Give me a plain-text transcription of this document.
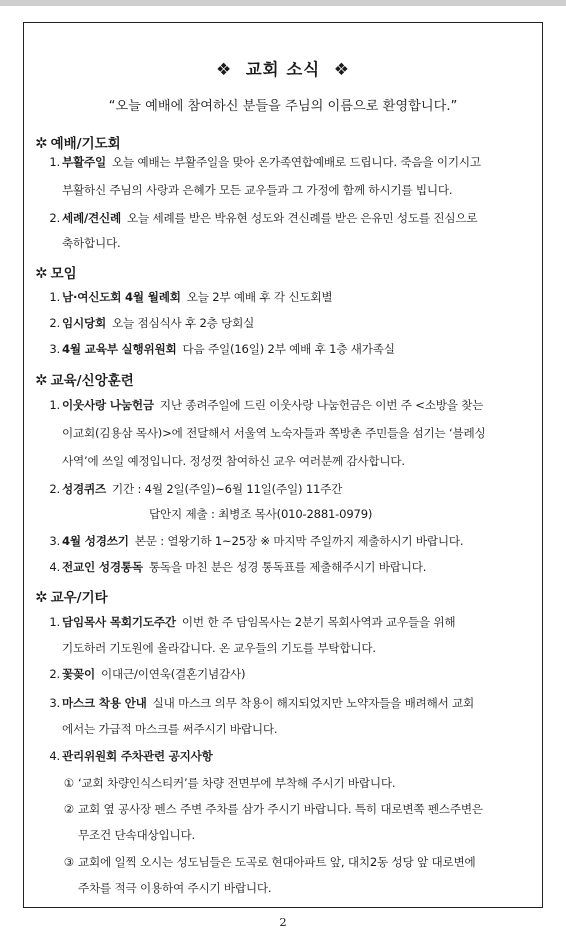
❖ 교회 소식 ❖
“오늘 예배에 참여하신 분들을 주님의 이름으로 환영합니다.”
✲ 예배/기도회
1. 부활주일 오늘 예배는 부활주일을 맞아 온가족연합예배로 드립니다. 죽음을 이기시고
부활하신 주님의 사랑과 은혜가 모든 교우들과 그 가정에 함께 하시기를 빕니다.
2. 세례/견신례 오늘 세례를 받은 박유현 성도와 견신례를 받은 은유민 성도를 진심으로
축하합니다.
✲ 모임
1. 남·여신도회 4월 월례회 오늘 2부 예배 후 각 신도회별
2. 임시당회 오늘 점심식사 후 2층 당회실
3. 4월 교육부 실행위원회 다음 주일(16일) 2부 예배 후 1층 새가족실
✲ 교육/신앙훈련
1. 이웃사랑 나눔헌금 지난 종려주일에 드린 이웃사랑 나눔헌금은 이번 주 <소방을 찾는
이교회(김용삼 목사)>에 전달해서 서울역 노숙자들과 쪽방촌 주민들을 섬기는 ‘블레싱
사역’에 쓰일 예정입니다. 정성껏 참여하신 교우 여러분께 감사합니다.
2. 성경퀴즈 기간 : 4월 2일(주일)~6월 11일(주일) 11주간
답안지 제출 : 최병조 목사(010-2881-0979)
3. 4월 성경쓰기 본문 : 열왕기하 1~25장 ※ 마지막 주일까지 제출하시기 바랍니다.
4. 전교인 성경통독 통독을 마친 분은 성경 통독표를 제출해주시기 바랍니다.
✲ 교우/기타
1. 담임목사 목회기도주간 이번 한 주 담임목사는 2분기 목회사역과 교우들을 위해
기도하러 기도원에 올라갑니다. 온 교우들의 기도를 부탁합니다.
2. 꽃꽂이 이대근/이연욱(결혼기념감사)
3. 마스크 착용 안내 실내 마스크 의무 착용이 해지되었지만 노약자들을 배려해서 교회
에서는 가급적 마스크를 써주시기 바랍니다.
4. 관리위원회 주차관련 공지사항
① ‘교회 차량인식스티커’를 차량 전면부에 부착해 주시기 바랍니다.
② 교회 옆 공사장 펜스 주변 주차를 삼가 주시기 바랍니다. 특히 대로변쪽 펜스주변은
무조건 단속대상입니다.
③ 교회에 일찍 오시는 성도님들은 도곡로 현대아파트 앞, 대치2동 성당 앞 대로변에
주차를 적극 이용하여 주시기 바랍니다.
2
